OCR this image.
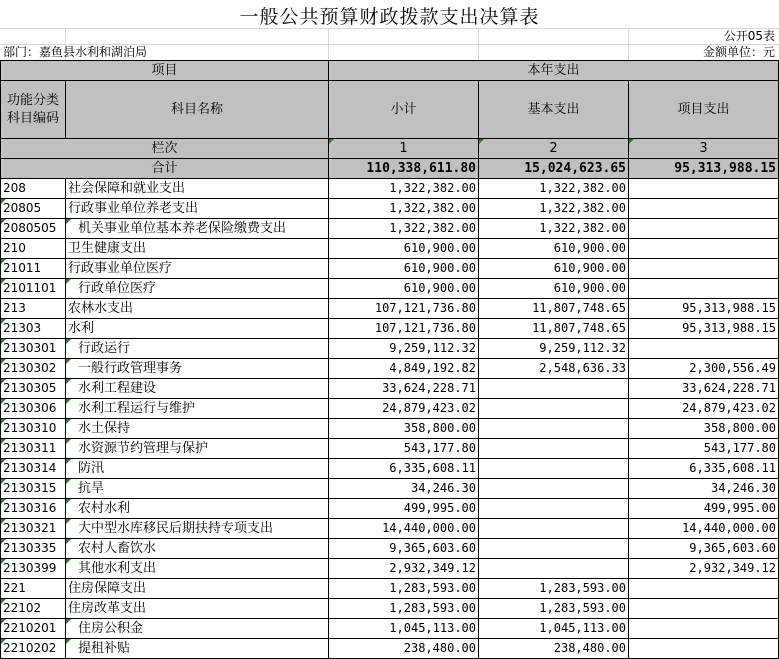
一般公共预算财政拨款支出决算表
公开05表
部门：嘉鱼县水利和湖泊局	金额单位：元
项目		本年支出		
功能分类科目编码	科目名称	小计	基本支出	项目支出
栏次		1	2	3
合计		110,338,611.80	15,024,623.65	95,313,988.15
208	社会保障和就业支出	1,322,382.00	1,322,382.00	
20805	行政事业单位养老支出	1,322,382.00	1,322,382.00	
2080505	机关事业单位基本养老保险缴费支出	1,322,382.00	1,322,382.00	
210	卫生健康支出	610,900.00	610,900.00	
21011	行政事业单位医疗	610,900.00	610,900.00	
2101101	行政单位医疗	610,900.00	610,900.00	
213	农林水支出	107,121,736.80	11,807,748.65	95,313,988.15
21303	水利	107,121,736.80	11,807,748.65	95,313,988.15
2130301	行政运行	9,259,112.32	9,259,112.32	
2130302	一般行政管理事务	4,849,192.82	2,548,636.33	2,300,556.49
2130305	水利工程建设	33,624,228.71		33,624,228.71
2130306	水利工程运行与维护	24,879,423.02		24,879,423.02
2130310	水土保持	358,800.00		358,800.00
2130311	水资源节约管理与保护	543,177.80		543,177.80
2130314	防汛	6,335,608.11		6,335,608.11
2130315	抗旱	34,246.30		34,246.30
2130316	农村水利	499,995.00		499,995.00
2130321	大中型水库移民后期扶持专项支出	14,440,000.00		14,440,000.00
2130335	农村人畜饮水	9,365,603.60		9,365,603.60
2130399	其他水利支出	2,932,349.12		2,932,349.12
221	住房保障支出	1,283,593.00	1,283,593.00	
22102	住房改革支出	1,283,593.00	1,283,593.00	
2210201	住房公积金	1,045,113.00	1,045,113.00	
2210202	提租补贴	238,480.00	238,480.00	
